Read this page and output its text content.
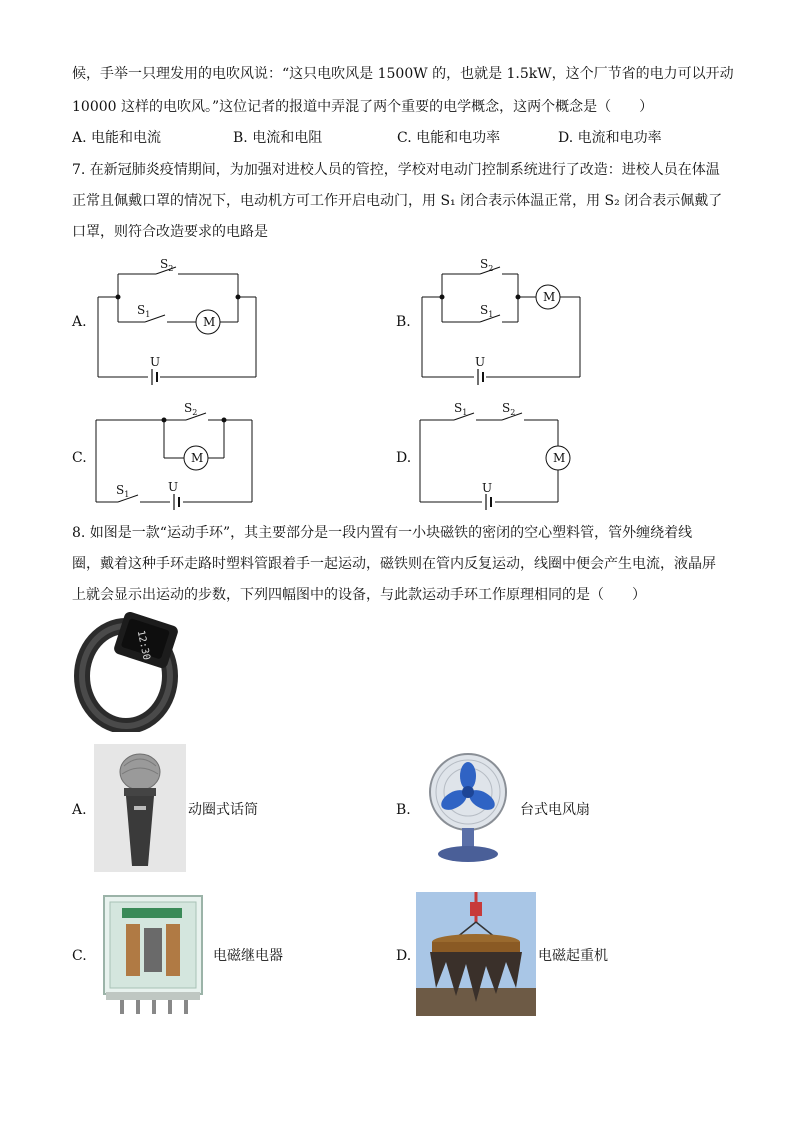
候，手举一只理发用的电吹风说：“这只电吹风是 1500W 的，也就是 1.5kW，这个厂节省的电力可以开动
10000 这样的电吹风。”这位记者的报道中弄混了两个重要的电学概念，这两个概念是（　　）
A. 电能和电流	B. 电流和电阻	C. 电能和电功率	D. 电流和电功率
7. 在新冠肺炎疫情期间，为加强对进校人员的管控，学校对电动门控制系统进行了改造：进校人员在体温
正常且佩戴口罩的情况下，电动机方可工作开启电动门，用 S₁ 闭合表示体温正常，用 S₂ 闭合表示佩戴了
口罩，则符合改造要求的电路是
A.
$S_2$
$S_1$
M
U
B.
$S_2$
$S_1$
M
U
C.
$S_2$
$S_1$
M
U
D.
$S_1$	$S_2$
M
U
8. 如图是一款“运动手环”，其主要部分是一段内置有一小块磁铁的密闭的空心塑料管，管外缠绕着线
圈，戴着这种手环走路时塑料管跟着手一起运动，磁铁则在管内反复运动，线圈中便会产生电流，液晶屏
上就会显示出运动的步数，下列四幅图中的设备，与此款运动手环工作原理相同的是（　　）
12:30
A.	动圈式话筒	B.	台式电风扇
C.	电磁继电器	D.	电磁起重机
